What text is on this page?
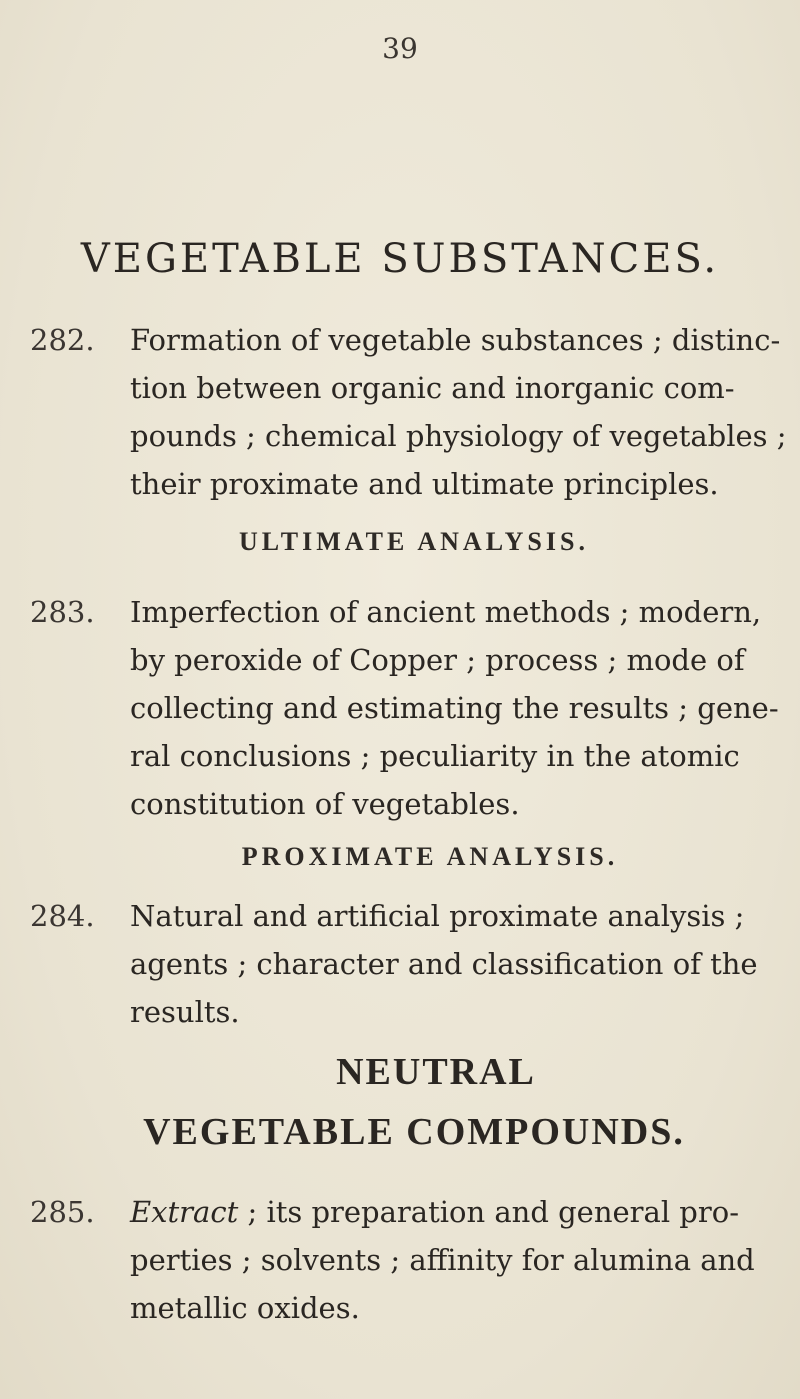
39
VEGETABLE SUBSTANCES.
282.	Formation of vegetable substances ; distinc-
tion between organic and inorganic com-
pounds ; chemical physiology of vegetables ;
their proximate and ultimate principles.
ULTIMATE ANALYSIS.
283.	Imperfection of ancient methods ; modern,
by peroxide of Copper ; process ; mode of
collecting and estimating the results ; gene-
ral conclusions ; peculiarity in the atomic
constitution of vegetables.
PROXIMATE ANALYSIS.
284.	Natural and artificial proximate analysis ;
agents ; character and classification of the
results.
NEUTRAL
VEGETABLE COMPOUNDS.
285.	Extract ; its preparation and general pro-
perties ; solvents ; affinity for alumina and
metallic oxides.
